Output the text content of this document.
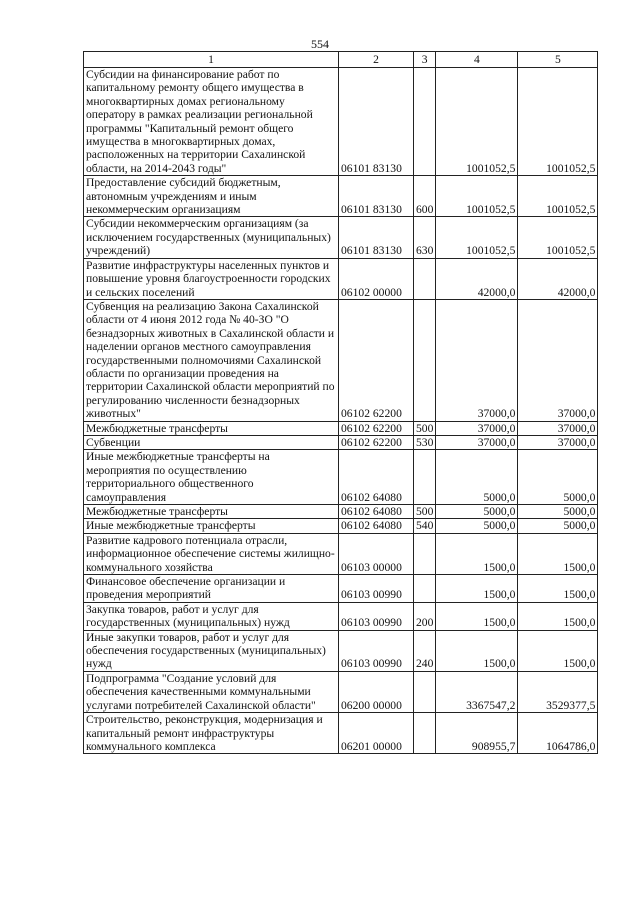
554
1	2	3	4	5
Субсидии на финансирование работ по капитальному ремонту общего имущества в многоквартирных домах региональному оператору в рамках реализации региональной программы "Капитальный ремонт общего имущества в многоквартирных домах, расположенных на территории Сахалинской области, на 2014-2043 годы"	06101 83130		1001052,5	1001052,5
Предоставление субсидий бюджетным, автономным учреждениям и иным некоммерческим организациям	06101 83130	600	1001052,5	1001052,5
Субсидии некоммерческим организациям (за исключением государственных (муниципальных) учреждений)	06101 83130	630	1001052,5	1001052,5
Развитие инфраструктуры населенных пунктов и повышение уровня благоустроенности городских и сельских поселений	06102 00000		42000,0	42000,0
Субвенция на реализацию Закона Сахалинской области от 4 июня 2012 года № 40-ЗО "О безнадзорных животных в Сахалинской области и наделении органов местного самоуправления государственными полномочиями Сахалинской области по организации проведения на территории Сахалинской области мероприятий по регулированию численности безнадзорных животных"	06102 62200		37000,0	37000,0
Межбюджетные трансферты	06102 62200	500	37000,0	37000,0
Субвенции	06102 62200	530	37000,0	37000,0
Иные межбюджетные трансферты на мероприятия по осуществлению территориального общественного самоуправления	06102 64080		5000,0	5000,0
Межбюджетные трансферты	06102 64080	500	5000,0	5000,0
Иные межбюджетные трансферты	06102 64080	540	5000,0	5000,0
Развитие кадрового потенциала отрасли, информационное обеспечение системы жилищно-коммунального хозяйства	06103 00000		1500,0	1500,0
Финансовое обеспечение организации и проведения мероприятий	06103 00990		1500,0	1500,0
Закупка товаров, работ и услуг для государственных (муниципальных) нужд	06103 00990	200	1500,0	1500,0
Иные закупки товаров, работ и услуг для обеспечения государственных (муниципальных) нужд	06103 00990	240	1500,0	1500,0
Подпрограмма "Создание условий для обеспечения качественными коммунальными услугами потребителей Сахалинской области"	06200 00000		3367547,2	3529377,5
Строительство, реконструкция, модернизация и капитальный ремонт инфраструктуры коммунального комплекса	06201 00000		908955,7	1064786,0
